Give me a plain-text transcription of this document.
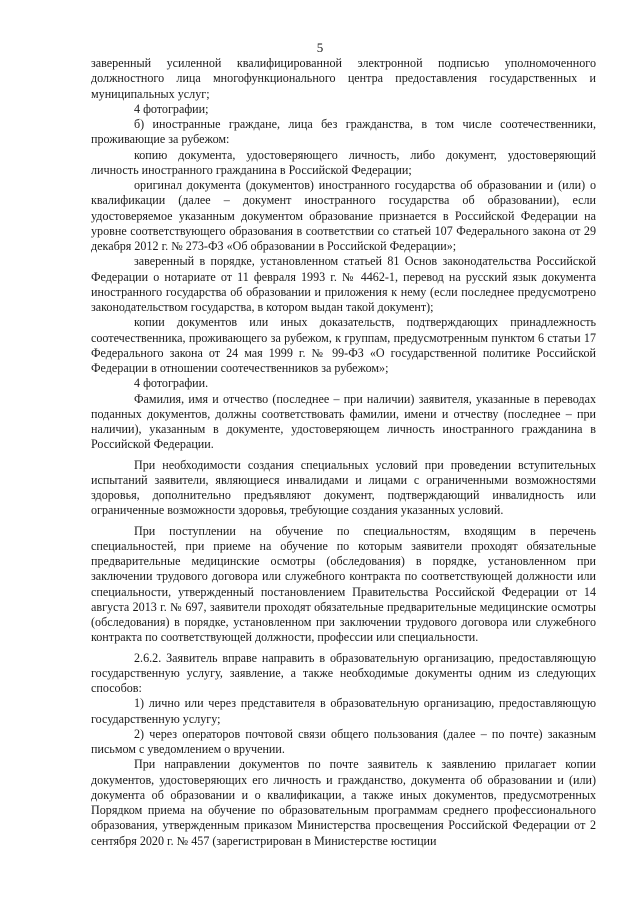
5

заверенный усиленной квалифицированной электронной подписью уполномоченного должностного лица многофункционального центра предоставления государственных и муниципальных услуг;

4 фотографии;

б) иностранные граждане, лица без гражданства, в том числе соотечественники, проживающие за рубежом:

копию документа, удостоверяющего личность, либо документ, удостоверяющий личность иностранного гражданина в Российской Федерации;

оригинал документа (документов) иностранного государства об образовании и (или) о квалификации (далее – документ иностранного государства об образовании), если удостоверяемое указанным документом образование признается в Российской Федерации на уровне соответствующего образования в соответствии со статьей 107 Федерального закона от 29 декабря 2012 г. № 273-ФЗ «Об образовании в Российской Федерации»;

заверенный в порядке, установленном статьей 81 Основ законодательства Российской Федерации о нотариате от 11 февраля 1993 г. № 4462-1, перевод на русский язык документа иностранного государства об образовании и приложения к нему (если последнее предусмотрено законодательством государства, в котором выдан такой документ);

копии документов или иных доказательств, подтверждающих принадлежность соотечественника, проживающего за рубежом, к группам, предусмотренным пунктом 6 статьи 17 Федерального закона от 24 мая 1999 г. № 99-ФЗ «О государственной политике Российской Федерации в отношении соотечественников за рубежом»;

4 фотографии.

Фамилия, имя и отчество (последнее – при наличии) заявителя, указанные в переводах поданных документов, должны соответствовать фамилии, имени и отчеству (последнее – при наличии), указанным в документе, удостоверяющем личность иностранного гражданина в Российской Федерации.

При необходимости создания специальных условий при проведении вступительных испытаний заявители, являющиеся инвалидами и лицами с ограниченными возможностями здоровья, дополнительно предъявляют документ, подтверждающий инвалидность или ограниченные возможности здоровья, требующие создания указанных условий.

При поступлении на обучение по специальностям, входящим в перечень специальностей, при приеме на обучение по которым заявители проходят обязательные предварительные медицинские осмотры (обследования) в порядке, установленном при заключении трудового договора или служебного контракта по соответствующей должности или специальности, утвержденный постановлением Правительства Российской Федерации от 14 августа 2013 г. № 697, заявители проходят обязательные предварительные медицинские осмотры (обследования) в порядке, установленном при заключении трудового договора или служебного контракта по соответствующей должности, профессии или специальности.

2.6.2. Заявитель вправе направить в образовательную организацию, предоставляющую государственную услугу, заявление, а также необходимые документы одним из следующих способов:

1) лично или через представителя в образовательную организацию, предоставляющую государственную услугу;

2) через операторов почтовой связи общего пользования (далее – по почте) заказным письмом с уведомлением о вручении.

При направлении документов по почте заявитель к заявлению прилагает копии документов, удостоверяющих его личность и гражданство, документа об образовании и (или) документа об образовании и о квалификации, а также иных документов, предусмотренных Порядком приема на обучение по образовательным программам среднего профессионального образования, утвержденным приказом Министерства просвещения Российской Федерации от 2 сентября 2020 г. № 457 (зарегистрирован в Министерстве юстиции
